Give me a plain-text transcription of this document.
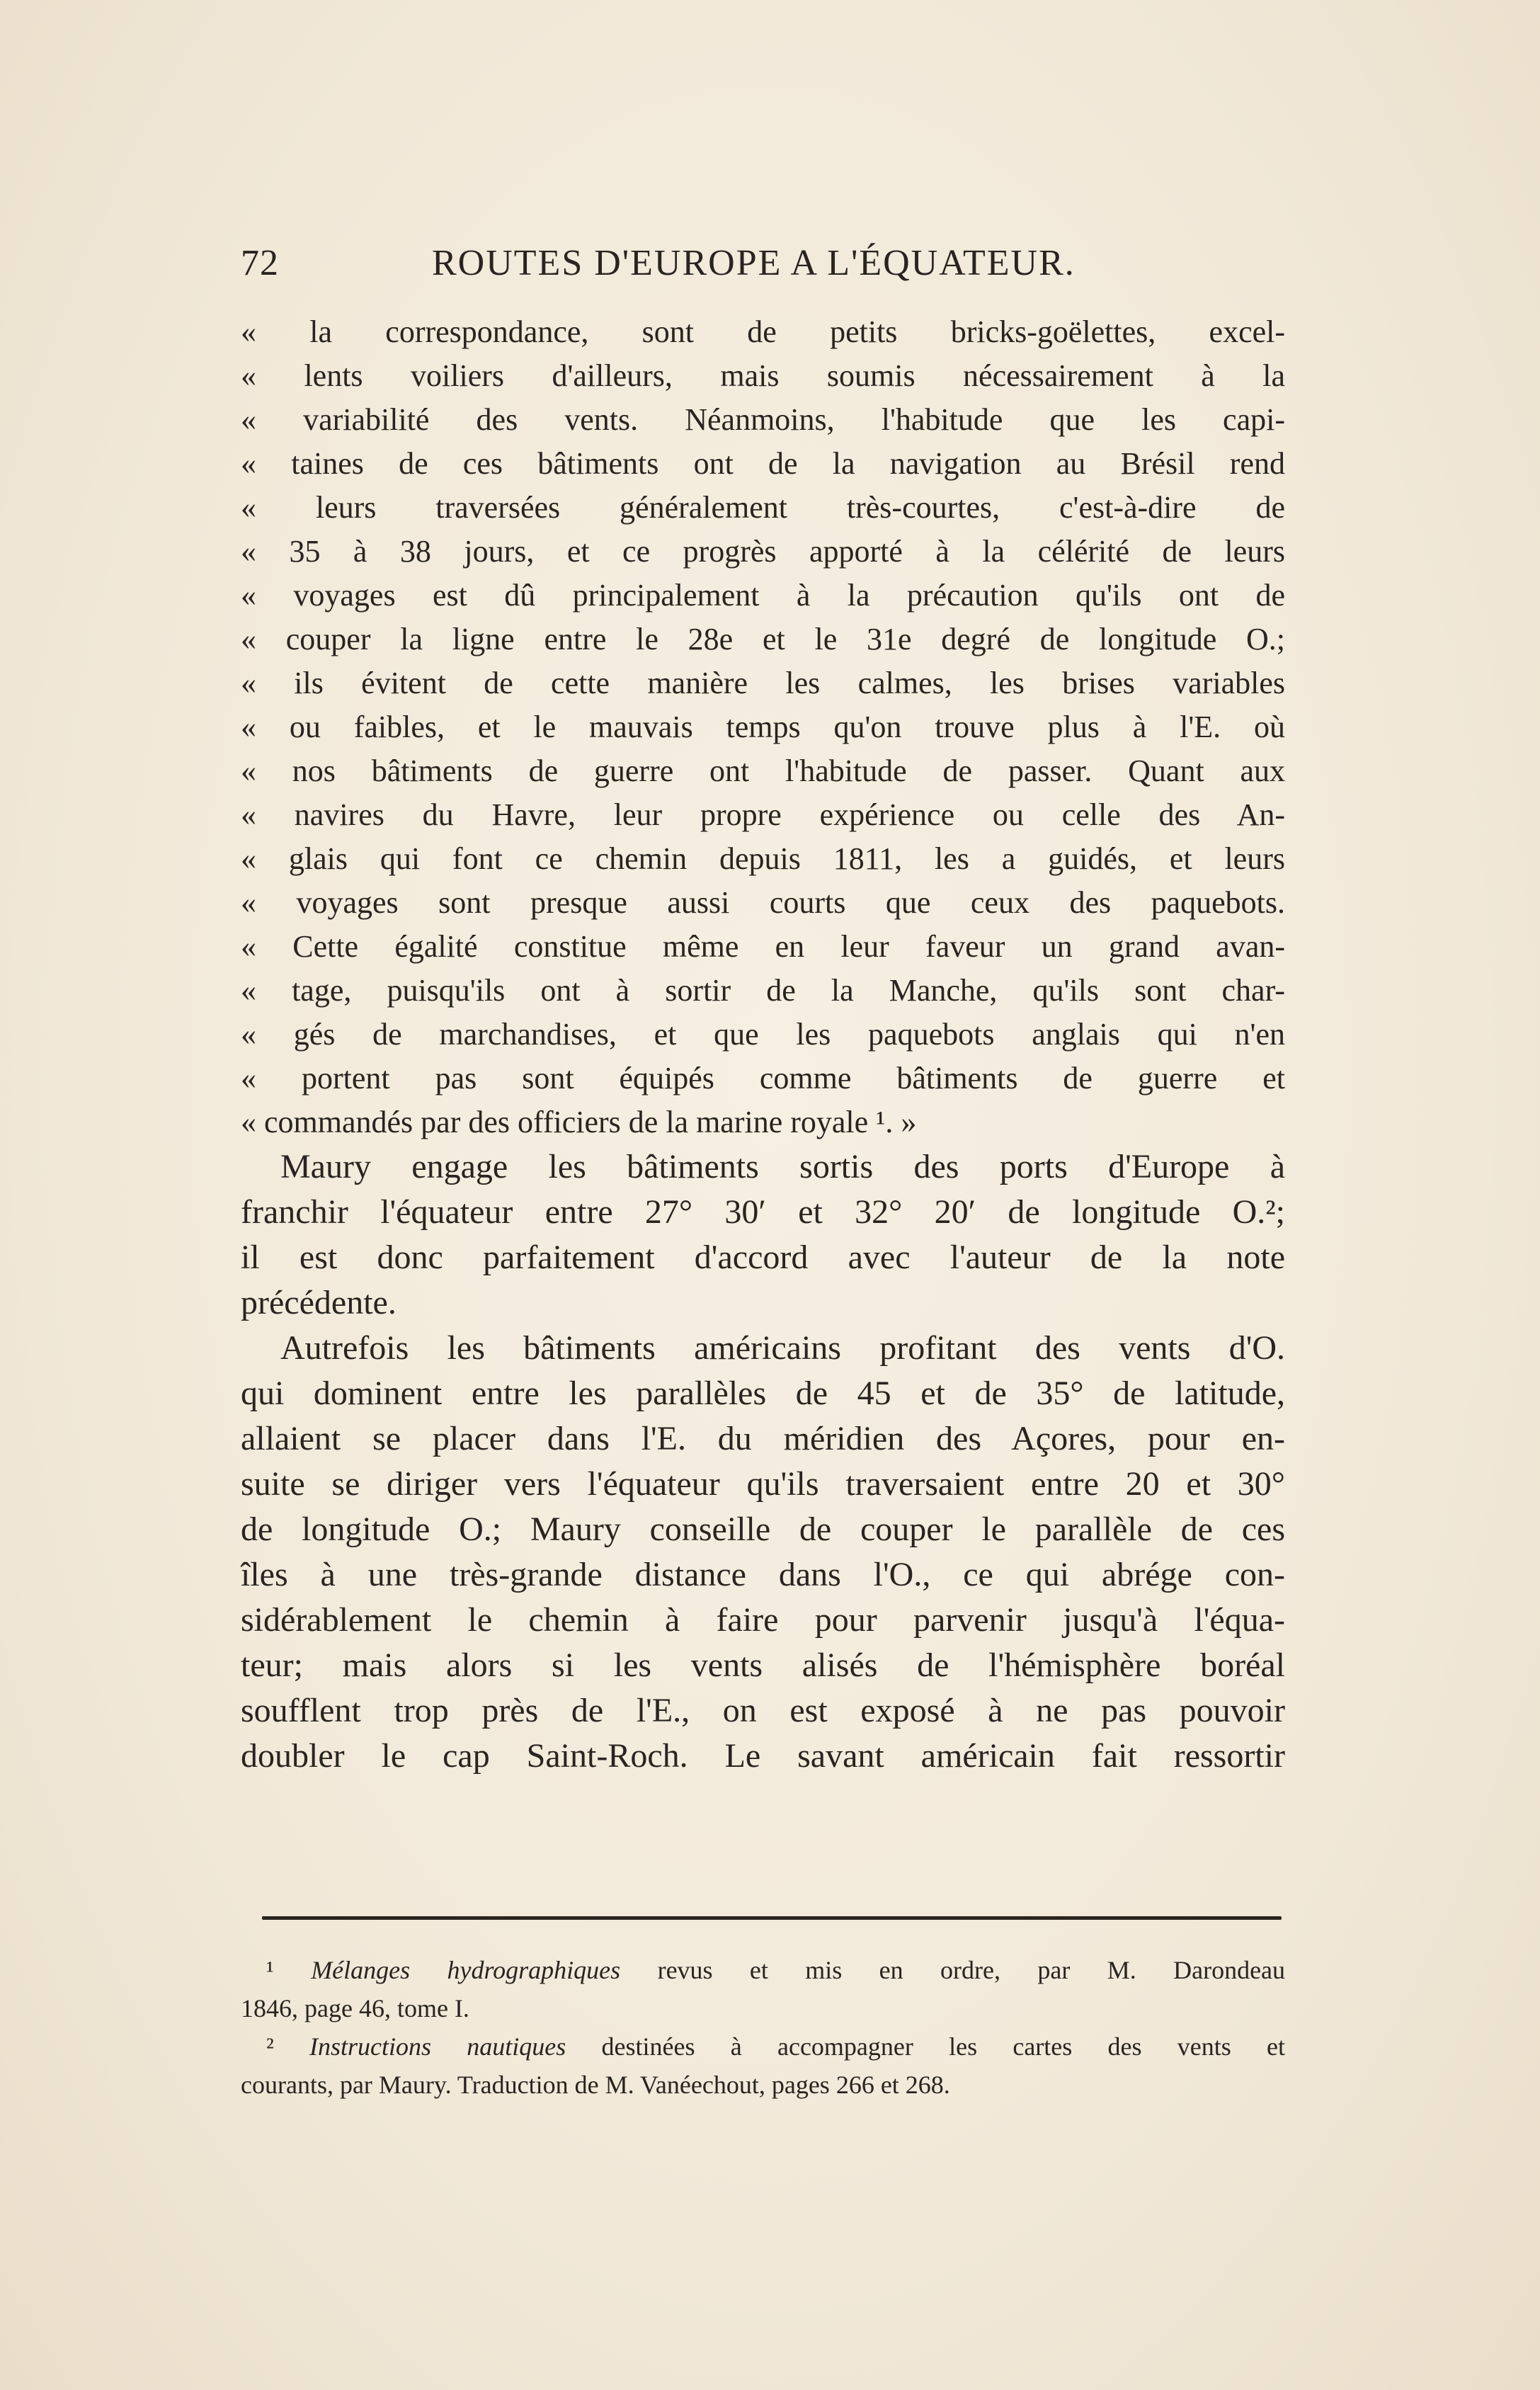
72	ROUTES D'EUROPE A L'ÉQUATEUR.
« la correspondance, sont de petits bricks-goëlettes, excel-
« lents voiliers d'ailleurs, mais soumis nécessairement à la
« variabilité des vents. Néanmoins, l'habitude que les capi-
« taines de ces bâtiments ont de la navigation au Brésil rend
« leurs traversées généralement très-courtes, c'est-à-dire de
« 35 à 38 jours, et ce progrès apporté à la célérité de leurs
« voyages est dû principalement à la précaution qu'ils ont de
« couper la ligne entre le 28e et le 31e degré de longitude O.;
« ils évitent de cette manière les calmes, les brises variables
« ou faibles, et le mauvais temps qu'on trouve plus à l'E. où
« nos bâtiments de guerre ont l'habitude de passer. Quant aux
« navires du Havre, leur propre expérience ou celle des An-
« glais qui font ce chemin depuis 1811, les a guidés, et leurs
« voyages sont presque aussi courts que ceux des paquebots.
« Cette égalité constitue même en leur faveur un grand avan-
« tage, puisqu'ils ont à sortir de la Manche, qu'ils sont char-
« gés de marchandises, et que les paquebots anglais qui n'en
« portent pas sont équipés comme bâtiments de guerre et
« commandés par des officiers de la marine royale ¹. »
Maury engage les bâtiments sortis des ports d'Europe à
franchir l'équateur entre 27° 30′ et 32° 20′ de longitude O.²;
il est donc parfaitement d'accord avec l'auteur de la note
précédente.
Autrefois les bâtiments américains profitant des vents d'O.
qui dominent entre les parallèles de 45 et de 35° de latitude,
allaient se placer dans l'E. du méridien des Açores, pour en-
suite se diriger vers l'équateur qu'ils traversaient entre 20 et 30°
de longitude O.; Maury conseille de couper le parallèle de ces
îles à une très-grande distance dans l'O., ce qui abrége con-
sidérablement le chemin à faire pour parvenir jusqu'à l'équa-
teur; mais alors si les vents alisés de l'hémisphère boréal
soufflent trop près de l'E., on est exposé à ne pas pouvoir
doubler le cap Saint-Roch. Le savant américain fait ressortir
¹ Mélanges hydrographiques revus et mis en ordre, par M. Darondeau
1846, page 46, tome I.
² Instructions nautiques destinées à accompagner les cartes des vents et
courants, par Maury. Traduction de M. Vanéechout, pages 266 et 268.
